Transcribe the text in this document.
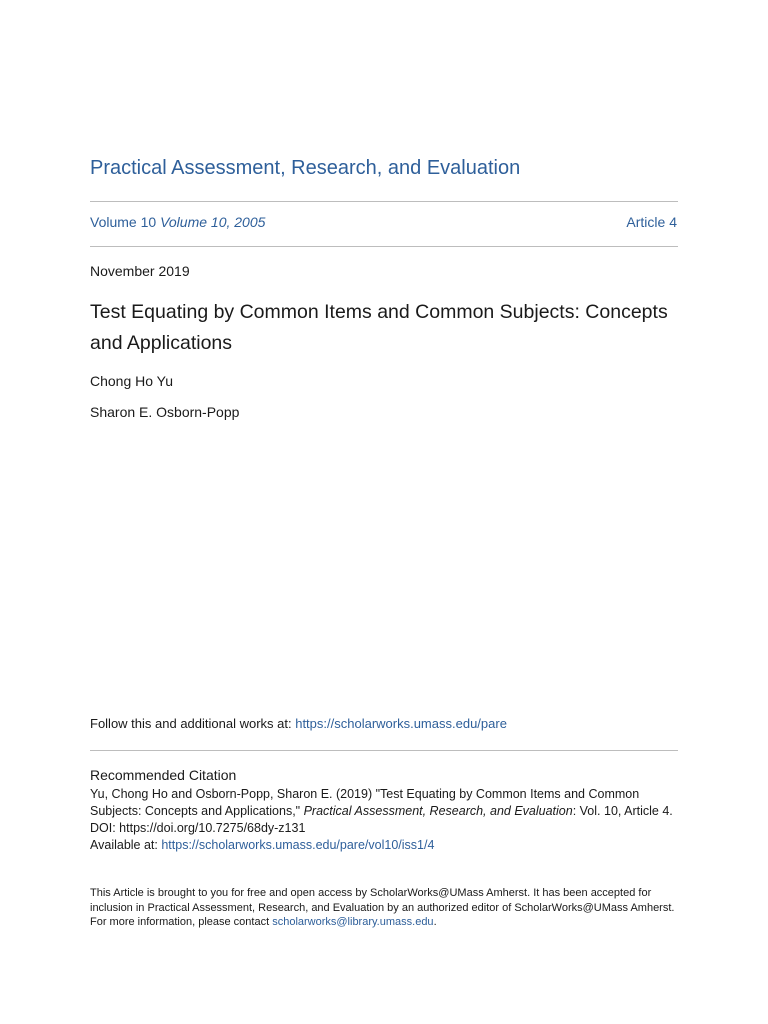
Practical Assessment, Research, and Evaluation
Volume 10 Volume 10, 2005	Article 4
November 2019
Test Equating by Common Items and Common Subjects: Concepts and Applications
Chong Ho Yu
Sharon E. Osborn-Popp
Follow this and additional works at: https://scholarworks.umass.edu/pare
Recommended Citation
Yu, Chong Ho and Osborn-Popp, Sharon E. (2019) "Test Equating by Common Items and Common Subjects: Concepts and Applications," Practical Assessment, Research, and Evaluation: Vol. 10, Article 4.
DOI: https://doi.org/10.7275/68dy-z131
Available at: https://scholarworks.umass.edu/pare/vol10/iss1/4
This Article is brought to you for free and open access by ScholarWorks@UMass Amherst. It has been accepted for inclusion in Practical Assessment, Research, and Evaluation by an authorized editor of ScholarWorks@UMass Amherst. For more information, please contact scholarworks@library.umass.edu.
